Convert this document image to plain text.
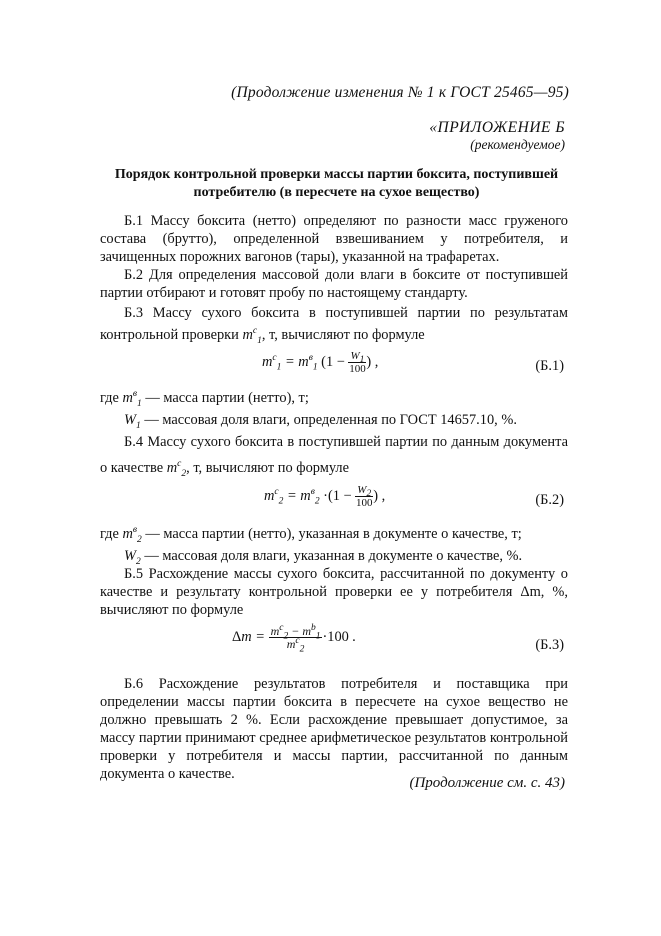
(Продолжение изменения № 1 к ГОСТ 25465—95)
«ПРИЛОЖЕНИЕ Б
(рекомендуемое)
Порядок контрольной проверки массы партии боксита, поступившей потребителю (в пересчете на сухое вещество)
Б.1 Массу боксита (нетто) определяют по разности масс груженого состава (брутто), определенной взвешиванием у потребителя, и зачищенных порожних вагонов (тары), указанной на трафаретах.
Б.2 Для определения массовой доли влаги в боксите от поступившей партии отбирают и готовят пробу по настоящему стандарту.
Б.3 Массу сухого боксита в поступившей партии по результатам контрольной проверки $m^c_1$, т, вычисляют по формуле
$m^c_1 = m^в_1$ ($1 - \frac{W_1}{100}$ ) ,	(Б.1)
где $m^в_1$ — масса партии (нетто), т;
$W_1$ — массовая доля влаги, определенная по ГОСТ 14657.10, %.
Б.4 Массу сухого боксита в поступившей партии по данным документа о качестве $m^c_2$, т, вычисляют по формуле
$m^c_2 = m^в_2 \cdot(1 - \frac{W_2}{100}$ ) ,	(Б.2)
где $m^в_2$ — масса партии (нетто), указанная в документе о качестве, т;
$W_2$ — массовая доля влаги, указанная в документе о качестве, %.
Б.5 Расхождение массы сухого боксита, рассчитанной по документу о качестве и результату контрольной проверки ее у потребителя Δm, %, вычисляют по формуле
$\Delta m = \frac{m^c_2 - m^b_1}{m^c_2} \cdot 100$ .
(Б.3)
Б.6 Расхождение результатов потребителя и поставщика при определении массы партии боксита в пересчете на сухое вещество не должно превышать 2 %. Если расхождение превышает допустимое, за массу партии принимают среднее арифметическое результатов контрольной проверки у потребителя и массы партии, рассчитанной по данным документа о качестве.
(Продолжение см. с. 43)
